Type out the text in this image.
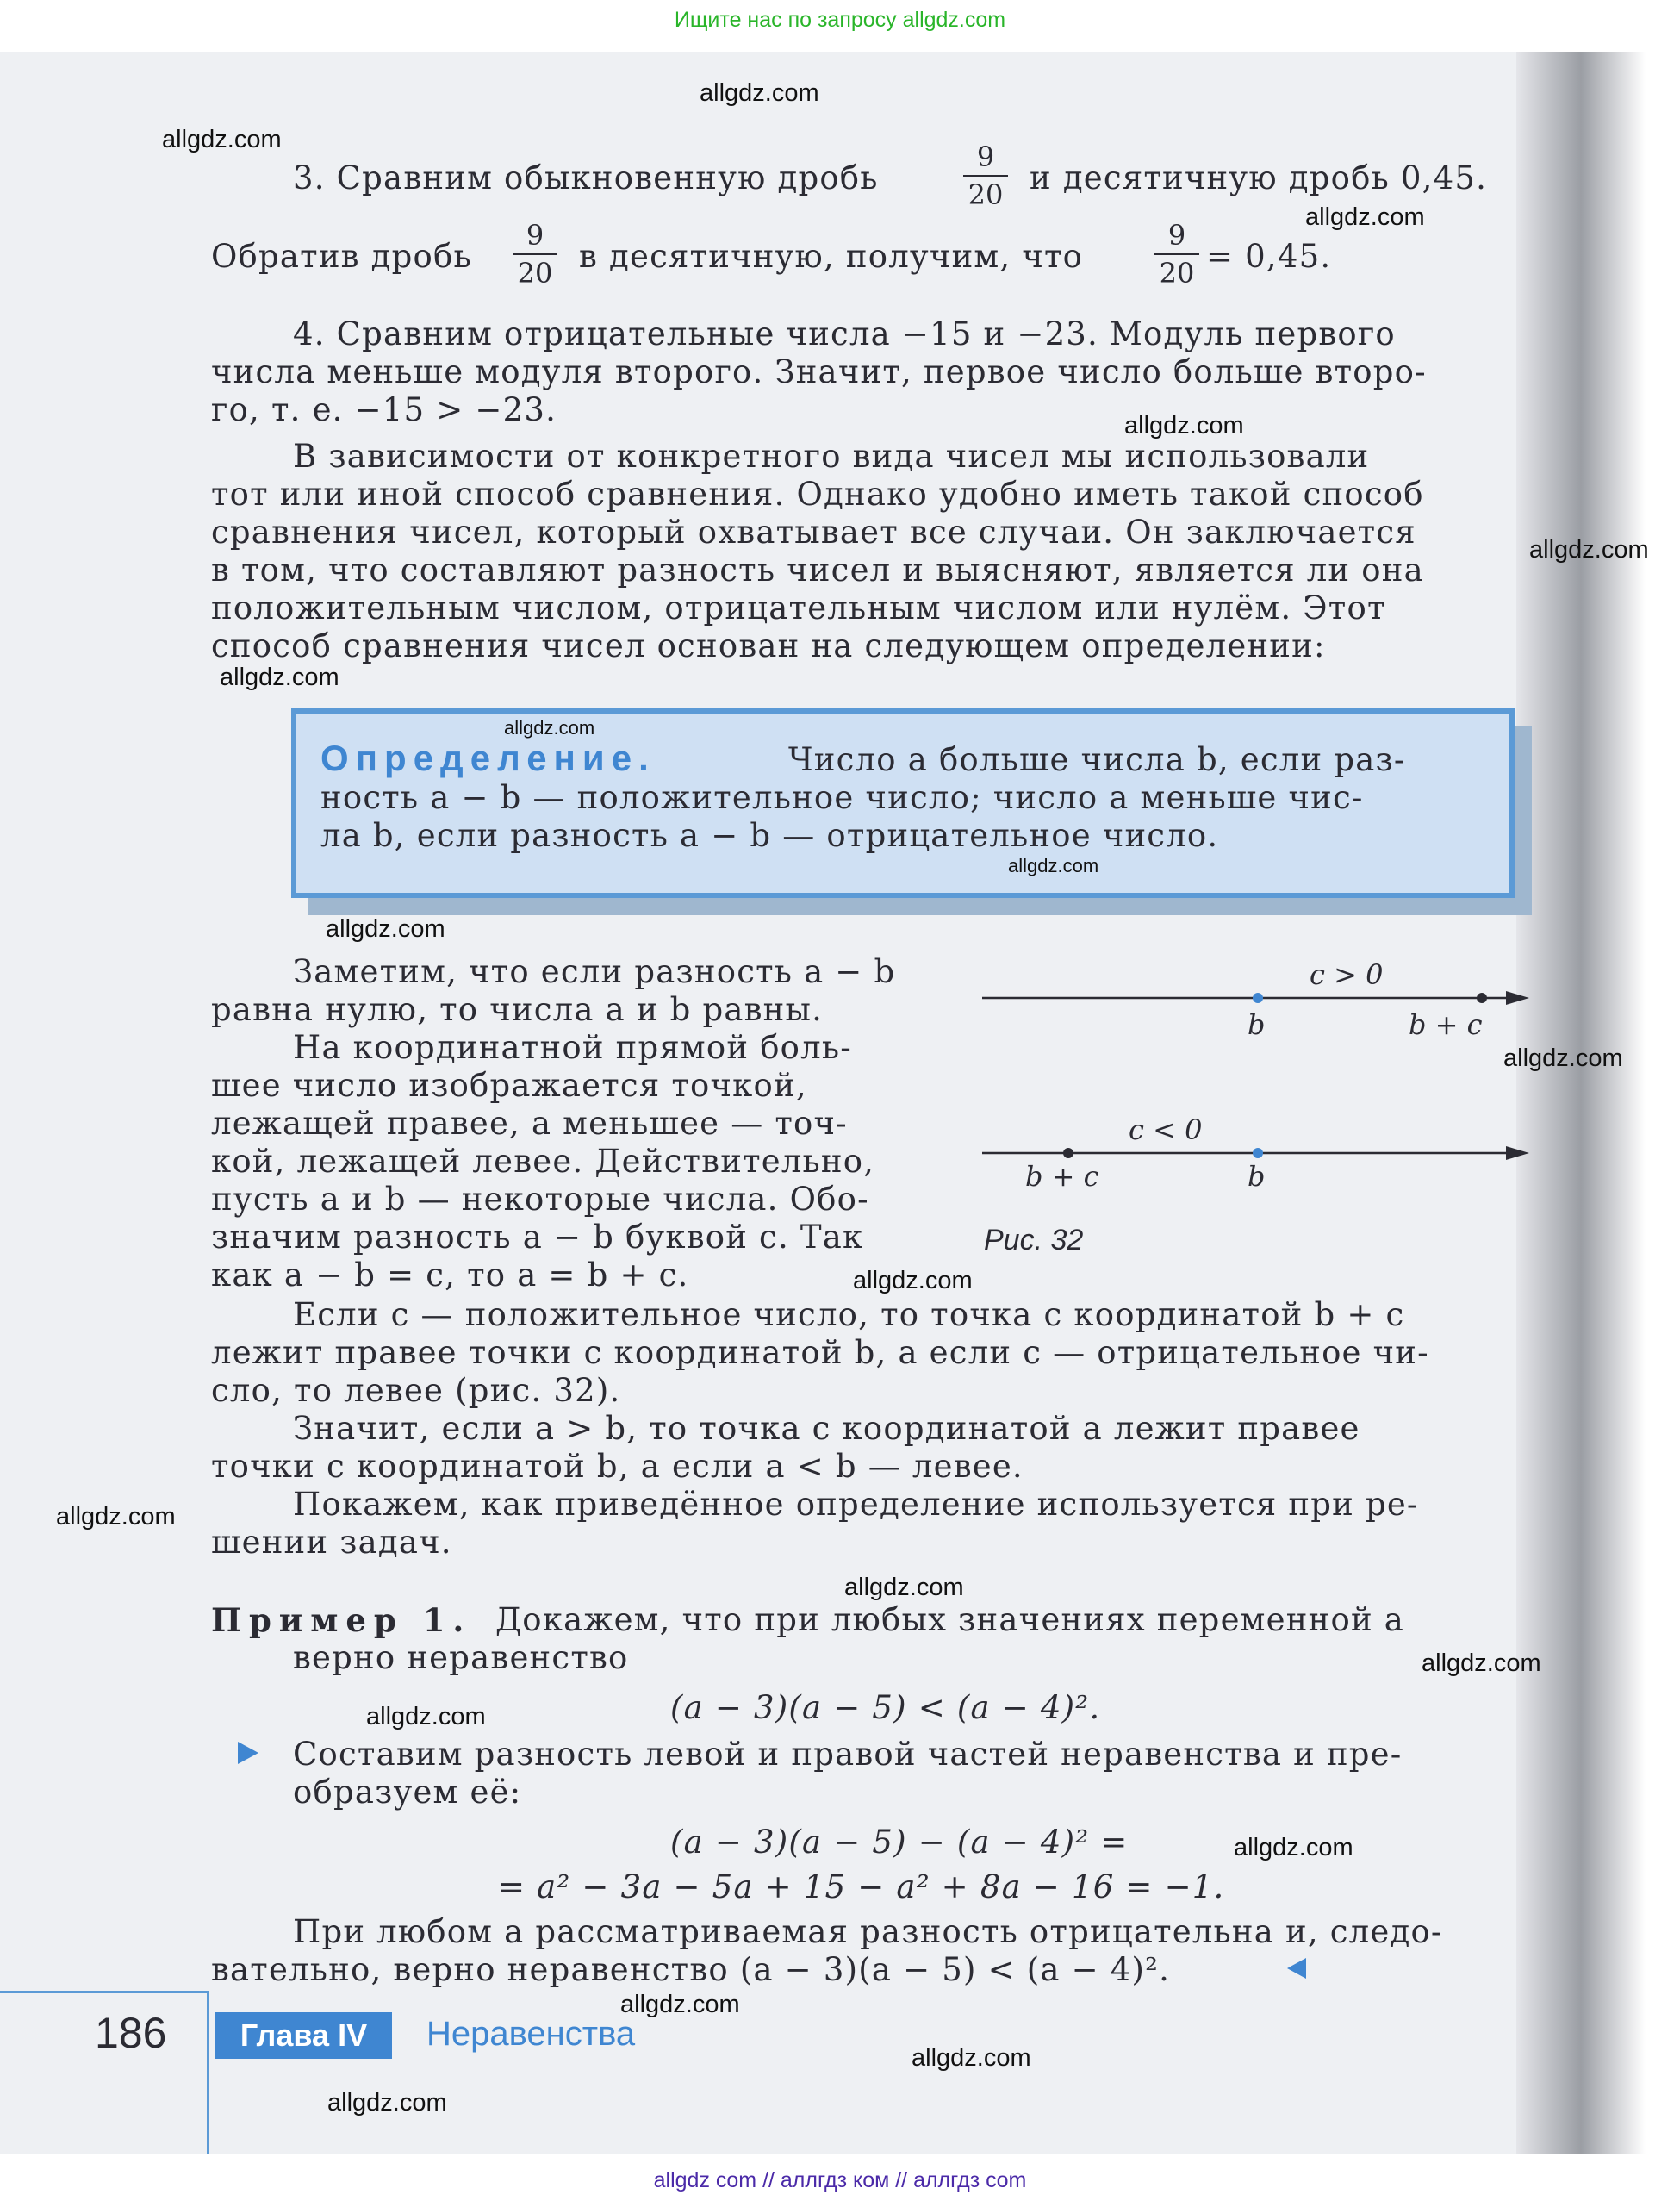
Ищите нас по запросу allgdz.com
3. Сравним обыкновенную дробь
9
20 и десятичную дробь 0,45.
Обратив дробь
9
20 в десятичную, получим, что
9
20 = 0,45.
4. Сравним отрицательные числа −15 и −23. Модуль первого
числа меньше модуля второго. Значит, первое число больше второ-
го, т. е. −15 > −23.
В зависимости от конкретного вида чисел мы использовали
тот или иной способ сравнения. Однако удобно иметь такой способ
сравнения чисел, который охватывает все случаи. Он заключается
в том, что составляют разность чисел и выясняют, является ли она
положительным числом, отрицательным числом или нулём. Этот
способ сравнения чисел основан на следующем определении:
Определение.	Число a больше числа b, если раз-
ность a − b — положительное число; число a меньше чис-
ла b, если разность a − b — отрицательное число.
Заметим, что если разность a − b
равна нулю, то числа a и b равны.
На координатной прямой боль-
шее число изображается точкой,
лежащей правее, а меньшее — точ-
кой, лежащей левее. Действительно,
пусть a и b — некоторые числа. Обо-
значим разность a − b буквой c. Так
как a − b = c, то a = b + c.
c > 0
b	b + c
c < 0
b + c	b
Рис. 32
Если c — положительное число, то точка с координатой b + c
лежит правее точки с координатой b, а если c — отрицательное чи-
сло, то левее (рис. 32).
Значит, если a > b, то точка с координатой a лежит правее
точки с координатой b, а если a < b — левее.
Покажем, как приведённое определение используется при ре-
шении задач.
Пример 1. Докажем, что при любых значениях переменной a
верно неравенство
(a − 3)(a − 5) < (a − 4)².
Составим разность левой и правой частей неравенства и пре-
образуем её:
(a − 3)(a − 5) − (a − 4)² =
= a² − 3a − 5a + 15 − a² + 8a − 16 = −1.
При любом a рассматриваемая разность отрицательна и, следо-
вательно, верно неравенство (a − 3)(a − 5) < (a − 4)².
186	Глава IV	Неравенства
allgdz.com
allgdz.com
allgdz.com
allgdz.com
allgdz.com
allgdz.com
allgdz.com
allgdz.com
allgdz.com
allgdz.com
allgdz.com
allgdz.com
allgdz.com
allgdz.com
allgdz.com
allgdz.com
allgdz.com
allgdz.com
allgdz.com
allgdz com // аллгдз ком // аллгдз сom
